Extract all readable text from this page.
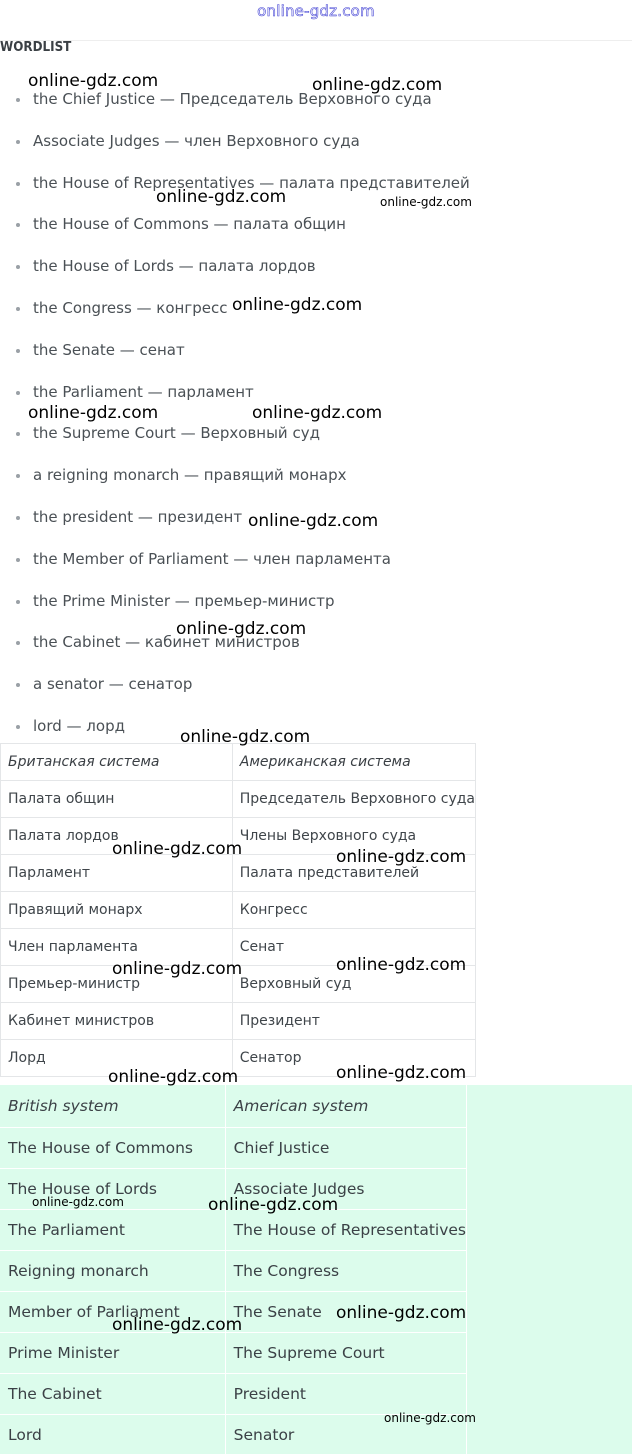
online-gdz.com
WORDLIST
the Chief Justice — Председатель Верховного суда
Associate Judges — член Верховного суда
the House of Representatives — палата представителей
the House of Commons — палата общин
the House of Lords — палата лордов
the Congress — конгресс
the Senate — сенат
the Parliament — парламент
the Supreme Court — Верховный суд
a reigning monarch — правящий монарх
the president — президент
the Member of Parliament — член парламента
the Prime Minister — премьер-министр
the Cabinet — кабинет министров
a senator — сенатор
lord — лорд
Британская система	Американская система
Палата общин	Председатель Верховного суда
Палата лордов	Члены Верховного суда
Парламент	Палата представителей
Правящий монарх	Конгресс
Член парламента	Сенат
Премьер-министр	Верховный суд
Кабинет министров	Президент
Лорд	Сенатор
British system	American system
The House of Commons	Chief Justice
The House of Lords	Associate Judges
The Parliament	The House of Representatives
Reigning monarch	The Congress
Member of Parliament	The Senate
Prime Minister	The Supreme Court
The Cabinet	President
Lord	Senator
online-gdz.com	online-gdz.com
online-gdz.com	online-gdz.com
online-gdz.com
online-gdz.com	online-gdz.com
online-gdz.com
online-gdz.com
online-gdz.com
online-gdz.com	online-gdz.com
online-gdz.com	online-gdz.com
online-gdz.com	online-gdz.com
online-gdz.com	online-gdz.com
online-gdz.com
online-gdz.com
online-gdz.com
